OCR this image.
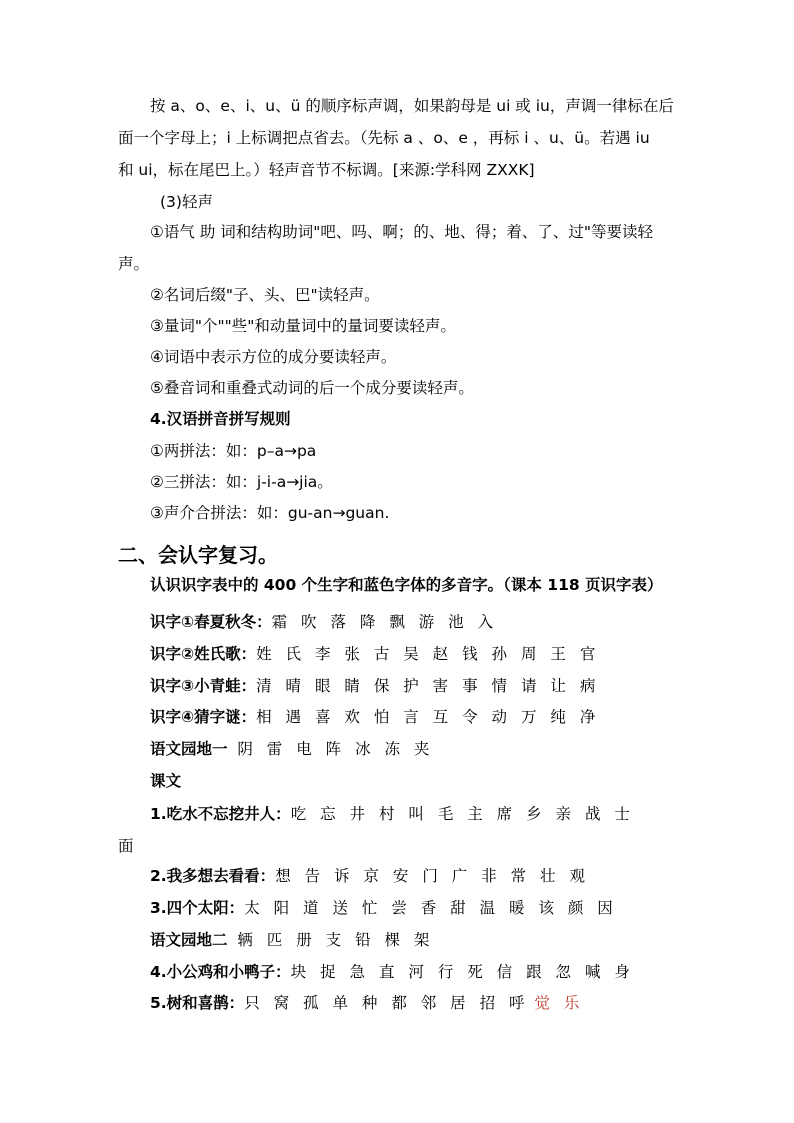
按 a、o、e、i、u、ü 的顺序标声调，如果韵母是 ui 或 iu，声调一律标在后
面一个字母上；i 上标调把点省去。（先标 a 、o、e ，再标 i 、u、ü。若遇 iu
和 ui，标在尾巴上。）轻声音节不标调。[来源:学科网 ZXXK]
(3)轻声
①语气 助 词和结构助词"吧、吗、啊；的、地、得；着、了、过"等要读轻
声。
②名词后缀"子、头、巴"读轻声。
③量词"个""些"和动量词中的量词要读轻声。
④词语中表示方位的成分要读轻声。
⑤叠音词和重叠式动词的后一个成分要读轻声。
4.汉语拼音拼写规则
①两拼法：如：p–a→pa
②三拼法：如：j-i-a→jia。
③声介合拼法：如：gu-an→guan.
二、会认字复习。
认识识字表中的 400 个生字和蓝色字体的多音字。（课本 118 页识字表）
识字①春夏秋冬：霜 吹 落 降 飘 游 池 入
识字②姓氏歌：姓 氏 李 张 古 吴 赵 钱 孙 周 王 官
识字③小青蛙：清 晴 眼 睛 保 护 害 事 情 请 让 病
识字④猜字谜：相 遇 喜 欢 怕 言 互 令 动 万 纯 净
语文园地一 阴 雷 电 阵 冰 冻 夹
课文
1.吃水不忘挖井人：吃 忘 井 村 叫 毛 主 席 乡 亲 战 士
面
2.我多想去看看：想 告 诉 京 安 门 广 非 常 壮 观
3.四个太阳：太 阳 道 送 忙 尝 香 甜 温 暖 该 颜 因
语文园地二 辆 匹 册 支 铅 棵 架
4.小公鸡和小鸭子：块 捉 急 直 河 行 死 信 跟 忽 喊 身
5.树和喜鹊：只 窝 孤 单 种 都 邻 居 招 呼 觉 乐
